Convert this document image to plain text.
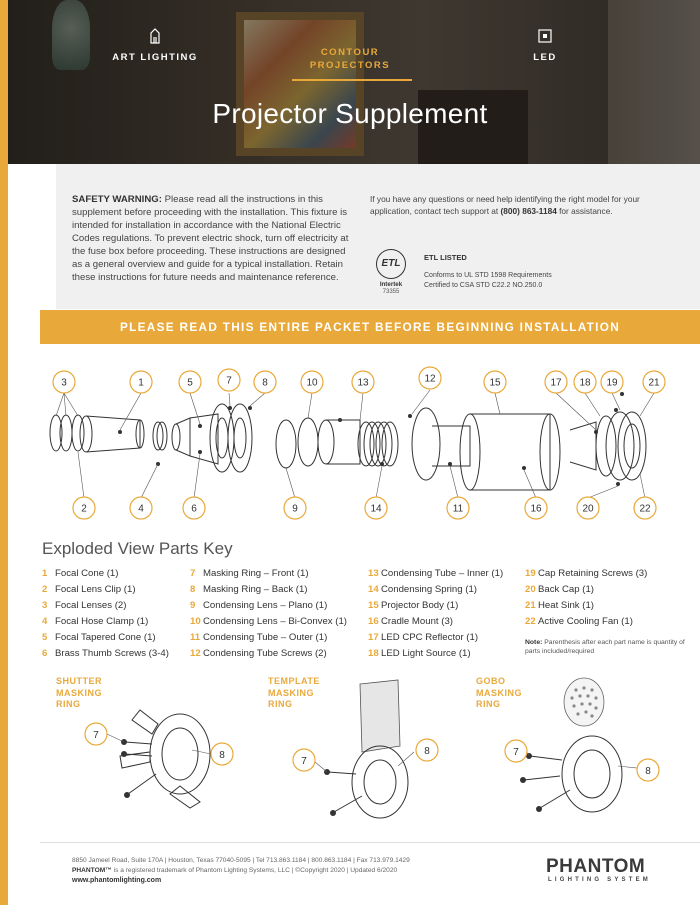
ART LIGHTING	CONTOUR
PROJECTORS
LED
Projector Supplement

SAFETY WARNING: Please read all the instructions in this supplement before proceeding with the installation. This fixture is intended for installation in accordance with the National Electric Codes regulations. To prevent electric shock, turn off electricity at the fuse box before proceeding. These instructions are designed as a general overview and guide for a typical installation. Retain these instructions for future needs and maintenance reference.

If you have any questions or need help identifying the right model for your application, contact tech support at (800) 863-1184 for assistance.

ETL
Intertek
73355
ETL LISTED
Conforms to UL STD 1598 Requirements
Certified to CSA STD C22.2 NO.250.0
PLEASE READ THIS ENTIRE PACKET BEFORE BEGINNING INSTALLATION
3	1	5	7	8	10	13	12	15	17 18 19	21
2	4	6	9	14	11	16	20	22
Exploded View Parts Key
1 Focal Cone (1)
2 Focal Lens Clip (1)
3 Focal Lenses (2)
4 Focal Hose Clamp (1)
5 Focal Tapered Cone (1)
6 Brass Thumb Screws (3-4)
7 Masking Ring – Front (1)
8 Masking Ring – Back (1)
9 Condensing Lens – Plano (1)
10 Condensing Lens – Bi-Convex (1)
11 Condensing Tube – Outer (1)
12 Condensing Tube Screws (2)
13 Condensing Tube – Inner (1)
14 Condensing Spring (1)
15 Projector Body (1)
16 Cradle Mount (3)
17 LED CPC Reflector (1)
18 LED Light Source (1)
19 Cap Retaining Screws (3)
20 Back Cap (1)
21 Heat Sink (1)
22 Active Cooling Fan (1)
Note: Parenthesis after each part name is quantity of parts included/required
SHUTTER
MASKING
RING
TEMPLATE
MASKING
RING
GOBO
MASKING
RING
7
8
7
8	7
8
8850 Jameel Road, Suite 170A | Houston, Texas 77040-5095 | Tel 713.863.1184 | 800.863.1184 | Fax 713.979.1429
PHANTOM™ is a registered trademark of Phantom Lighting Systems, LLC | ©Copyright 2020 | Updated 6/2020
www.phantomlighting.com
PHANTOM
LIGHTING SYSTEM
